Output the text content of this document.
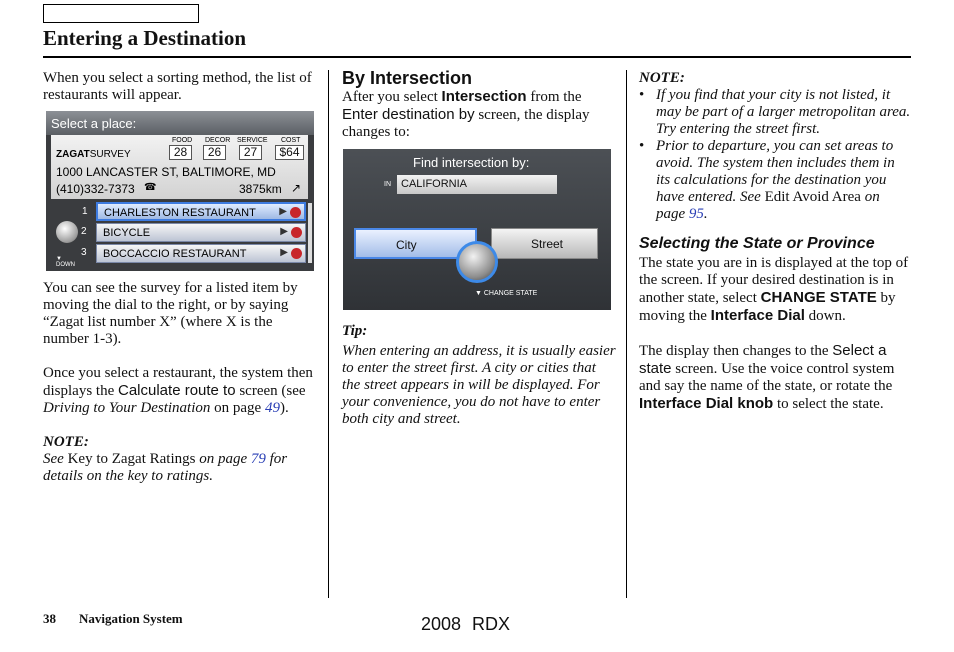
Entering a Destination

When you select a sorting method, the list of restaurants will appear.

Select a place:
ZAGATSURVEY
FOOD DECOR SERVICE COST
28	26	27	$64
1000 LANCASTER ST, BALTIMORE, MD
(410)332-7373 ☎	3875km ↗
▼
DOWN
1 CHARLESTON RESTAURANT ▶
2 BICYCLE	▶
3 BOCCACCIO RESTAURANT	▶

You can see the survey for a listed item by moving the dial to the right, or by saying “Zagat list number X” (where X is the number 1-3).

Once you select a restaurant, the system then displays the Calculate route to screen (see Driving to Your Destination on page 49).

NOTE:

See Key to Zagat Ratings on page 79 for details on the key to ratings.

By Intersection

After you select Intersection from the Enter destination by screen, the display changes to:

Find intersection by:
IN CALIFORNIA
City	Street
▼ CHANGE STATE

Tip:

When entering an address, it is usually easier to enter the street first. A city or cities that the street appears in will be displayed. For your convenience, you do not have to enter both city and street.

NOTE:

• If you find that your city is not listed, it may be part of a larger metropolitan area. Try entering the street first.
• Prior to departure, you can set areas to avoid. The system then includes them in its calculations for the destination you have entered. See Edit Avoid Area on page 95.

Selecting the State or Province

The state you are in is displayed at the top of the screen. If your desired destination is in another state, select CHANGE STATE by moving the Interface Dial down.

The display then changes to the Select a state screen. Use the voice control system and say the name of the state, or rotate the Interface Dial knob to select the state.

38 Navigation System	2008 RDX
